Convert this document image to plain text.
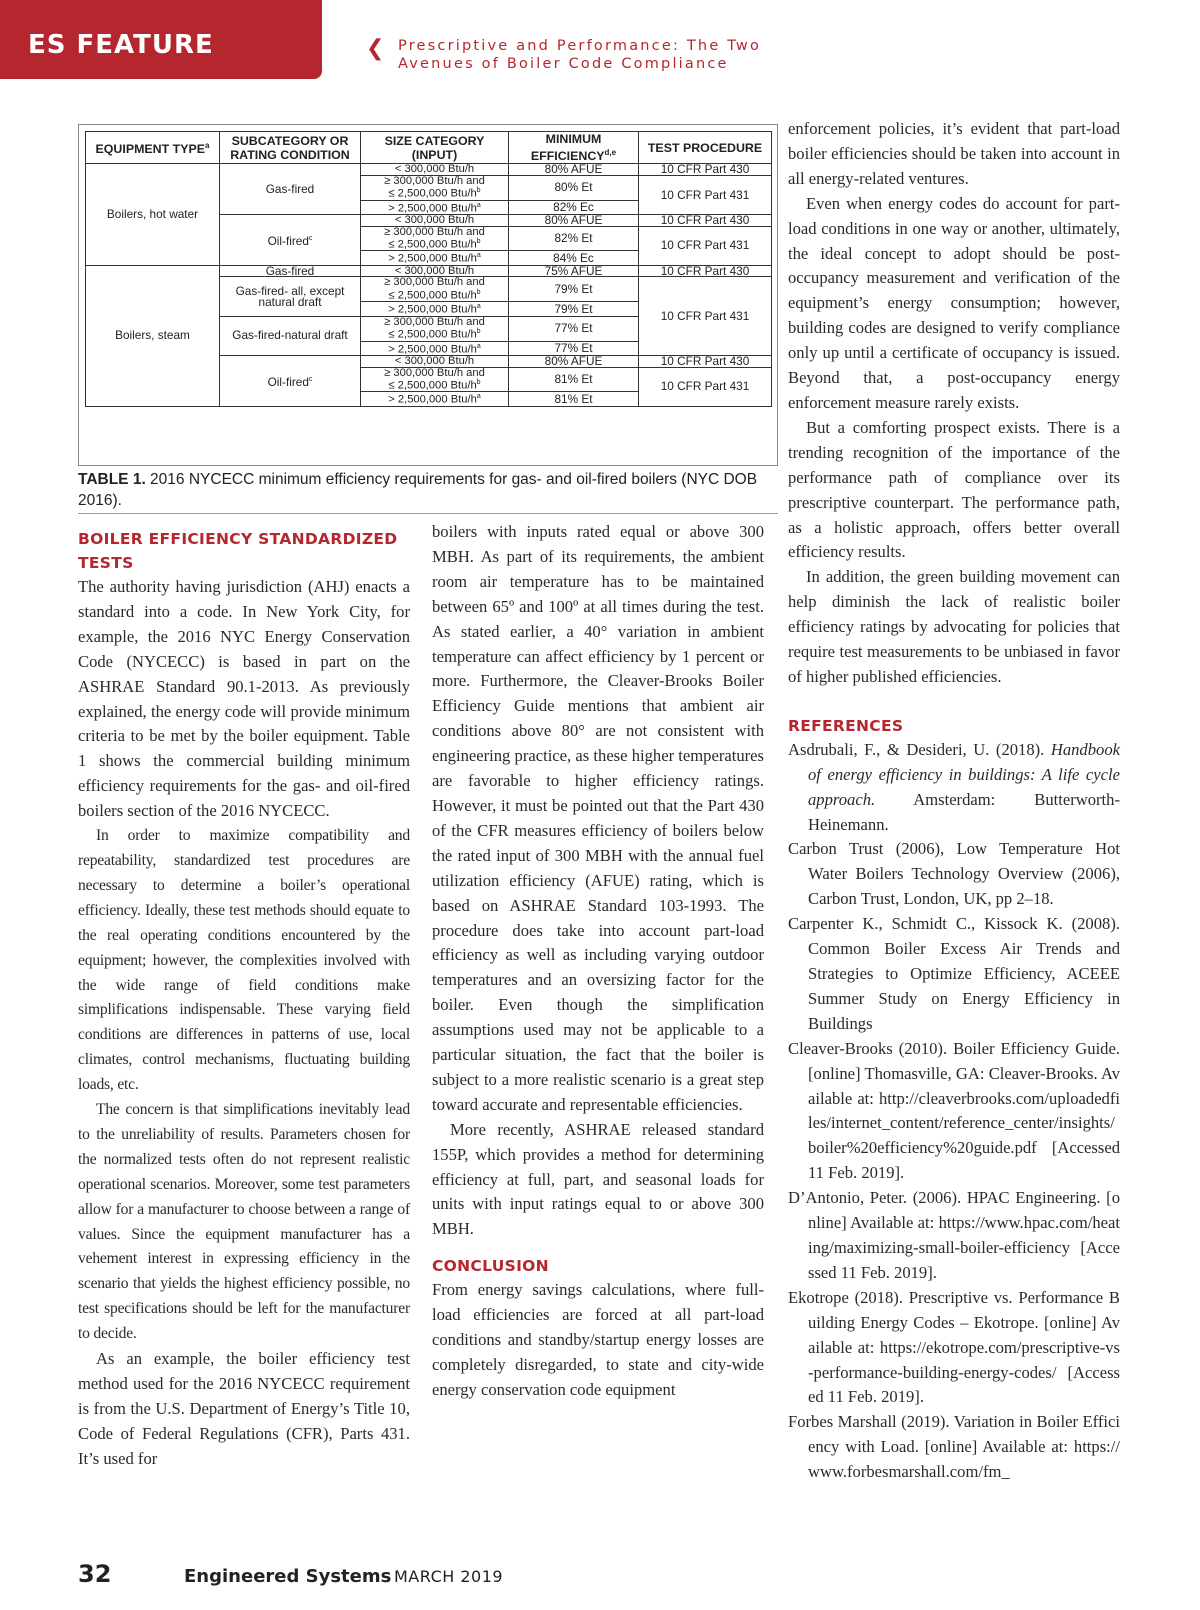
ES FEATURE	❮ Prescriptive and Performance: The Two
Avenues of Boiler Code Compliance
EQUIPMENT TYPE$^a$	SUBCATEGORY OR RATING CONDITION	SIZE CATEGORY (INPUT)	MINIMUM EFFICIENCY$^{d,e}$	TEST PROCEDURE
Boilers, hot water	Gas-fired	< 300,000 Btu/h	80% AFUE	10 CFR Part 430
		≥ 300,000 Btu/h and
≤ 2,500,000 Btu/$h^b$	80% Et	10 CFR Part 431
		> 2,500,000 Btu/$h^a$	82% Ec	
	Oil-fired$^c$	< 300,000 Btu/h	80% AFUE	10 CFR Part 430
		≥ 300,000 Btu/h and
≤ 2,500,000 Btu/$h^b$	82% Et	10 CFR Part 431
		> 2,500,000 Btu/$h^a$	84% Ec	
Boilers, steam	Gas-fired	< 300,000 Btu/h	75% AFUE	10 CFR Part 430
	Gas-fired- all, except natural draft	≥ 300,000 Btu/h and
≤ 2,500,000 Btu/$h^b$	79% Et	10 CFR Part 431
		> 2,500,000 Btu/$h^a$	79% Et	
	Gas-fired-natural draft	≥ 300,000 Btu/h and
≤ 2,500,000 Btu/$h^b$	77% Et	
		> 2,500,000 Btu/$h^a$	77% Et	
	Oil-fired$^c$	< 300,000 Btu/h	80% AFUE	10 CFR Part 430
		≥ 300,000 Btu/h and
≤ 2,500,000 Btu/$h^b$	81% Et	10 CFR Part 431
		> 2,500,000 Btu/$h^a$	81% Et	
TABLE 1. 2016 NYCECC minimum efficiency requirements for gas- and oil-fired boilers (NYC DOB 2016).
BOILER EFFICIENCY STANDARDIZED TESTS

The authority having jurisdiction (AHJ) enacts a standard into a code. In New York City, for example, the 2016 NYC Energy Conservation Code (NYCECC) is based in part on the ASHRAE Standard 90.1-2013. As previously explained, the energy code will provide minimum criteria to be met by the boiler equipment. Table 1 shows the commercial building minimum efficiency requirements for the gas- and oil-fired boilers section of the 2016 NYCECC.

In order to maximize compatibility and repeatability, standardized test procedures are necessary to determine a boiler’s operational efficiency. Ideally, these test methods should equate to the real operating conditions encountered by the equipment; however, the complexities involved with the wide range of field conditions make simplifications indispensable. These varying field conditions are differences in patterns of use, local climates, control mechanisms, fluctuating building loads, etc.

The concern is that simplifications inevitably lead to the unreliability of results. Parameters chosen for the normalized tests often do not represent realistic operational scenarios. Moreover, some test parameters allow for a manufacturer to choose between a range of values. Since the equipment manufacturer has a vehement interest in expressing efficiency in the scenario that yields the highest efficiency possible, no test specifications should be left for the manufacturer to decide.

As an example, the boiler efficiency test method used for the 2016 NYCECC requirement is from the U.S. Department of Energy’s Title 10, Code of Federal Regulations (CFR), Parts 431. It’s used for

boilers with inputs rated equal or above 300 MBH. As part of its requirements, the ambient room air temperature has to be maintained between 65º and 100º at all times during the test. As stated earlier, a 40° variation in ambient temperature can affect efficiency by 1 percent or more. Furthermore, the Cleaver-Brooks Boiler Efficiency Guide mentions that ambient air conditions above 80° are not consistent with engineering practice, as these higher temperatures are favorable to higher efficiency ratings. However, it must be pointed out that the Part 430 of the CFR measures efficiency of boilers below the rated input of 300 MBH with the annual fuel utilization efficiency (AFUE) rating, which is based on ASHRAE Standard 103-1993. The procedure does take into account part-load efficiency as well as including varying outdoor temperatures and an oversizing factor for the boiler. Even though the simplification assumptions used may not be applicable to a particular situation, the fact that the boiler is subject to a more realistic scenario is a great step toward accurate and representable efficiencies.

More recently, ASHRAE released standard 155P, which provides a method for determining efficiency at full, part, and seasonal loads for units with input ratings equal to or above 300 MBH.

CONCLUSION

From energy savings calculations, where full-load efficiencies are forced at all part-load conditions and standby/startup energy losses are completely disregarded, to state and city-wide energy conservation code equipment

enforcement policies, it’s evident that part-load boiler efficiencies should be taken into account in all energy-related ventures.

Even when energy codes do account for part-load conditions in one way or another, ultimately, the ideal concept to adopt should be post-occupancy measurement and verification of the equipment’s energy consumption; however, building codes are designed to verify compliance only up until a certificate of occupancy is issued. Beyond that, a post-occupancy energy enforcement measure rarely exists.

But a comforting prospect exists. There is a trending recognition of the importance of the performance path of compliance over its prescriptive counterpart. The performance path, as a holistic approach, offers better overall efficiency results.

In addition, the green building movement can help diminish the lack of realistic boiler efficiency ratings by advocating for policies that require test measurements to be unbiased in favor of higher published efficiencies.

REFERENCES

Asdrubali, F., & Desideri, U. (2018). Handbook of energy efficiency in buildings: A life cycle approach. Amsterdam: Butterworth-Heinemann.

Carbon Trust (2006), Low Temperature Hot Water Boilers Technology Overview (2006), Carbon Trust, London, UK, pp 2–18.

Carpenter K., Schmidt C., Kissock K. (2008). Common Boiler Excess Air Trends and Strategies to Optimize Efficiency, ACEEE Summer Study on Energy Efficiency in Buildings

Cleaver-Brooks (2010). Boiler Efficiency Guide. [online] Thomasville, GA: Cleaver-Brooks. Available at: http://cleaverbrooks.com/uploadedfiles/internet_content/reference_center/insights/boiler%20efficiency%20guide.pdf [Accessed 11 Feb. 2019].

D’Antonio, Peter. (2006). HPAC Engineering. [online] Available at: https://www.hpac.com/heating/maximizing-small-boiler-efficiency [Accessed 11 Feb. 2019].

Ekotrope (2018). Prescriptive vs. Performance Building Energy Codes – Ekotrope. [online] Available at: https://ekotrope.com/prescriptive-vs-performance-building-energy-codes/ [Accessed 11 Feb. 2019].

Forbes Marshall (2019). Variation in Boiler Efficiency with Load. [online] Available at: https://www.forbesmarshall.com/fm_

32	Engineered Systems MARCH 2019
